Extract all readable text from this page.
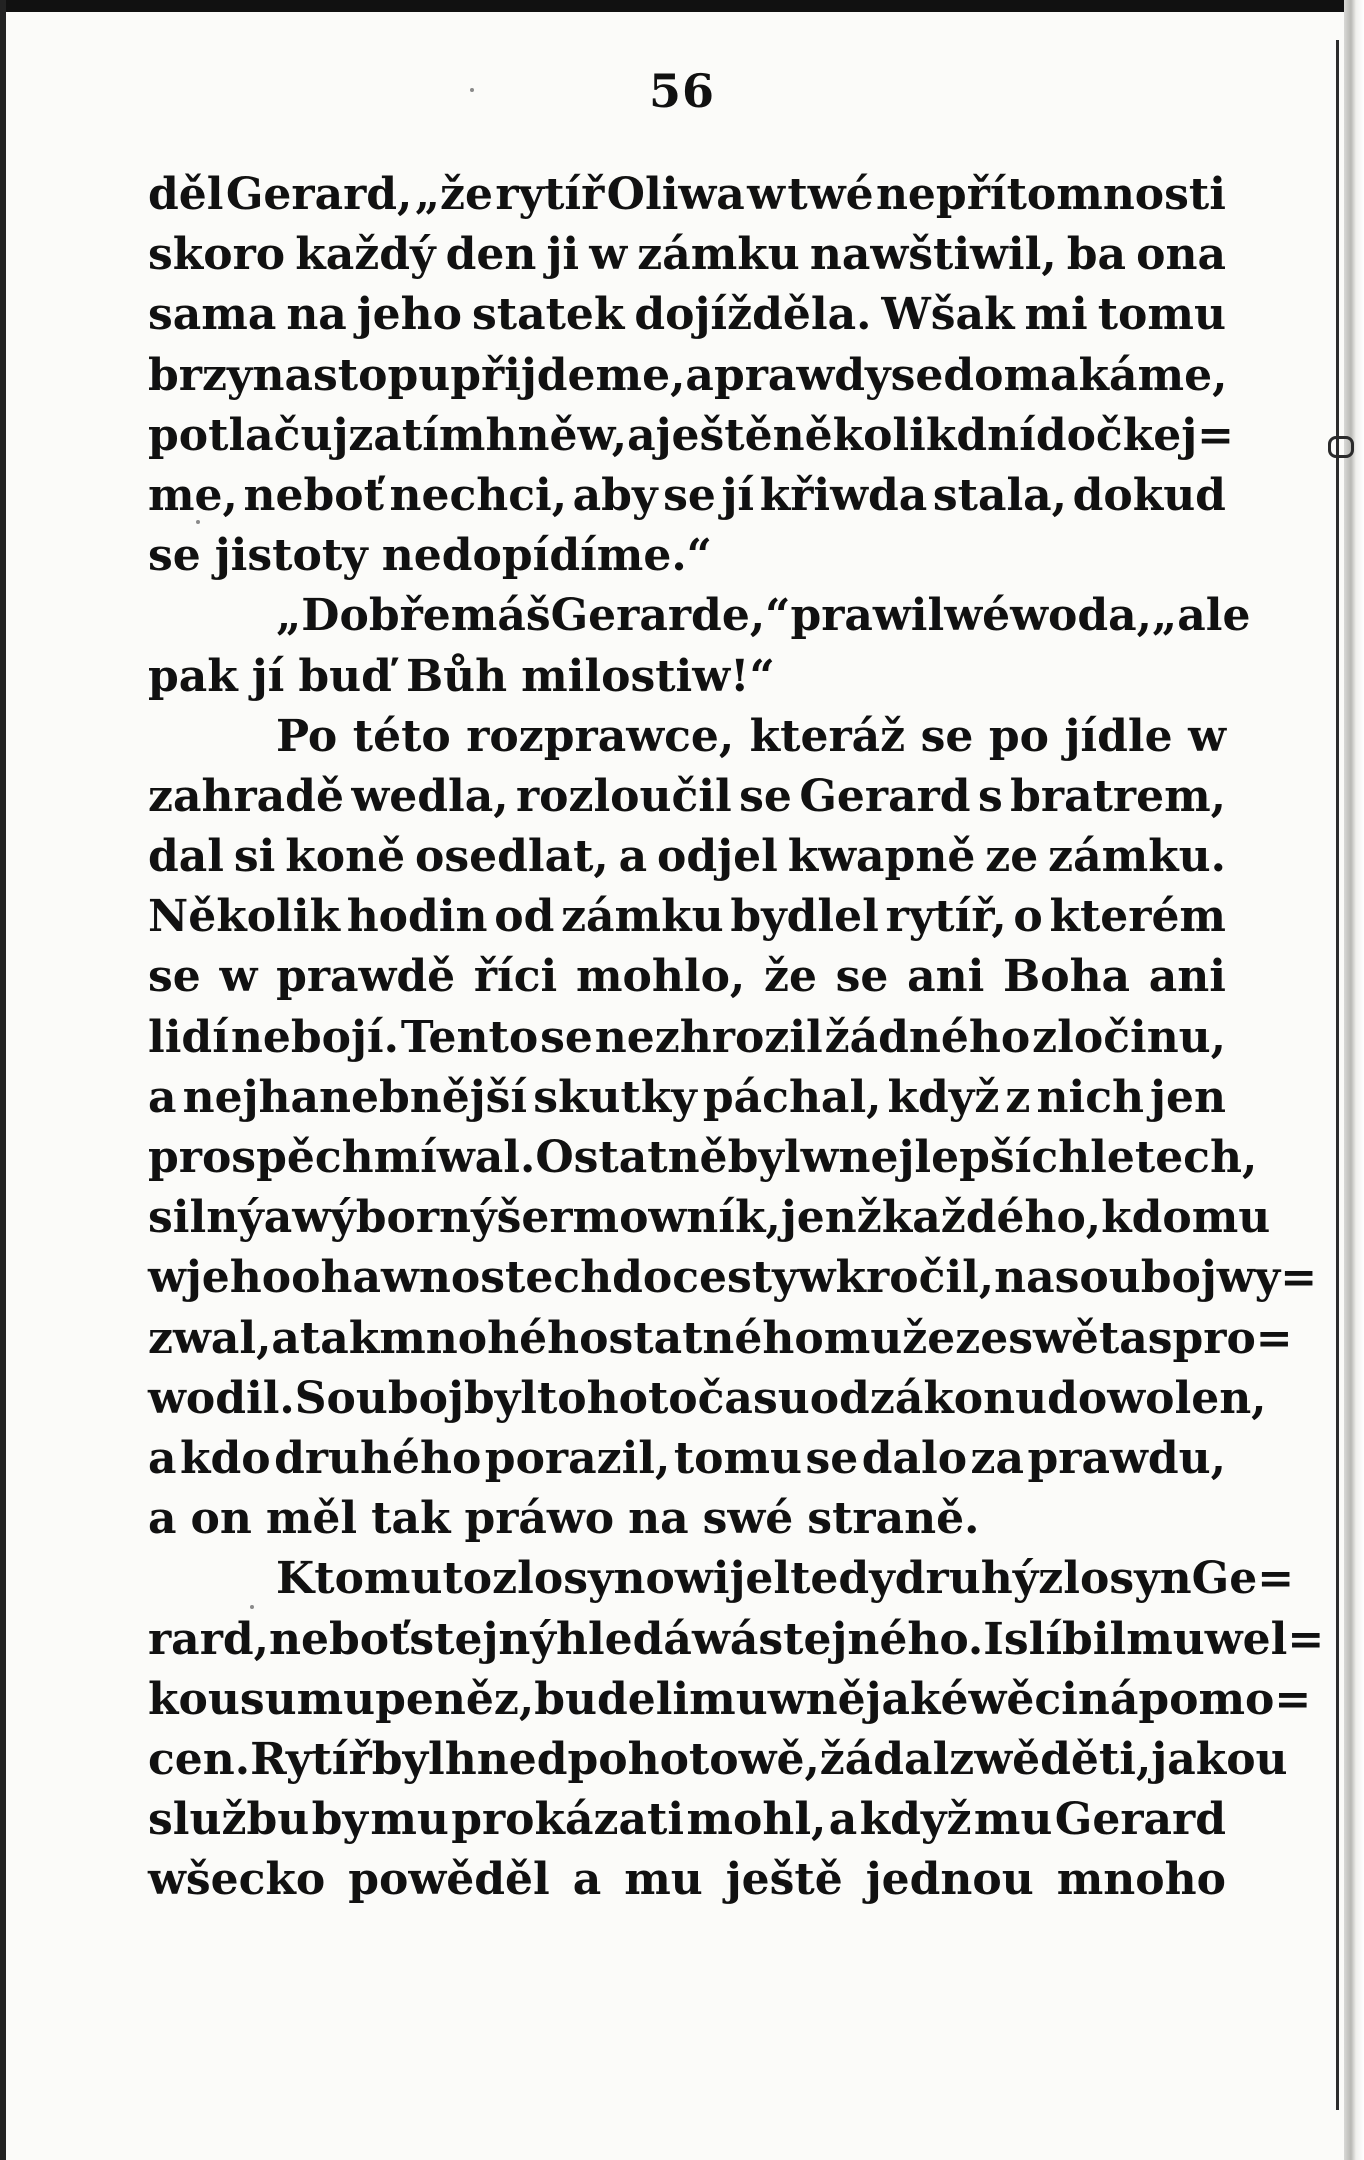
56
děl Gerard, „že rytíř Oliwa w twé nepřítomnosti
skoro každý den ji w zámku nawštiwil, ba ona
sama na jeho statek dojížděla. Wšak mi tomu
brzy na stopu přijdeme, a prawdy se domakáme,
potlačuj zatím hněw, a ještě několik dní dočkej=
me, neboť nechci, aby se jí křiwda stala, dokud
se jistoty nedopídíme.“
„Dobře máš Gerarde,“ prawil wéwoda, „ale
pak jí buď Bůh milostiw!“
Po této rozprawce, kteráž se po jídle w
zahradě wedla, rozloučil se Gerard s bratrem,
dal si koně osedlat, a odjel kwapně ze zámku.
Několik hodin od zámku bydlel rytíř, o kterém
se w prawdě říci mohlo, že se ani Boha ani
lidí nebojí. Tento se nezhrozil žádného zločinu,
a nejhanebnější skutky páchal, když z nich jen
prospěch míwal. Ostatně byl w nejlepších letech,
silný a wýborný šermowník, jenž každého, kdo mu
w jeho ohawnostech do cesty wkročil, na souboj wy=
zwal, a tak mnohého statného muže ze swěta spro=
wodil. Souboj byl tohoto času od zákonu dowolen,
a kdo druhého porazil, tomu se dalo za prawdu,
a on měl tak práwo na swé straně.
K tomuto zlosynowi jel tedy druhý zlosyn Ge=
rard, neboť stejný hledáwá stejného. I slíbil mu wel=
kou sumu peněz, budeli mu w nějaké wěci nápomo=
cen. Rytíř byl hned pohotowě, žádal zwěděti, jakou
službu by mu prokázati mohl, a když mu Gerard
wšecko powěděl a mu ještě jednou mnoho
